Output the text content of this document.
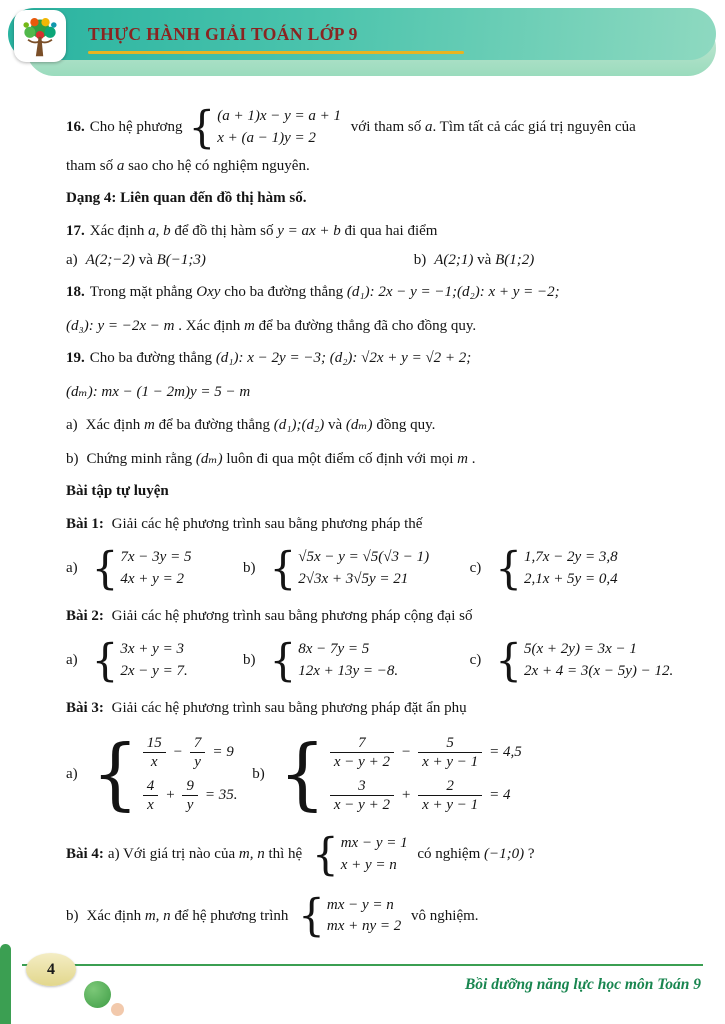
THỰC HÀNH GIẢI TOÁN LỚP 9
16. Cho hệ phương
{ (a + 1)x − y = a + 1
x + (a − 1)y = 2
với tham số a. Tìm tất cả các giá trị nguyên của
tham số a sao cho hệ có nghiệm nguyên.
Dạng 4: Liên quan đến đồ thị hàm số.
17. Xác định a, b để đồ thị hàm số y = ax + b đi qua hai điểm
a) A(2;−2) và B(−1;3)	b) A(2;1) và B(1;2)
18. Trong mặt phẳng Oxy cho ba đường thẳng (d₁): 2x − y = −1;(d₂): x + y = −2;
(d₃): y = −2x − m . Xác định m để ba đường thẳng đã cho đồng quy.
19. Cho ba đường thẳng (d₁): x − 2y = −3; (d₂): √2x + y = √2 + 2;
(dₘ): mx − (1 − 2m)y = 5 − m
a) Xác định m để ba đường thẳng (d₁);(d₂) và (dₘ) đồng quy.
b) Chứng minh rằng (dₘ) luôn đi qua một điểm cố định với mọi m .
Bài tập tự luyện
Bài 1: Giải các hệ phương trình sau bằng phương pháp thế
a)
{ 7x − 3y = 5
4x + y = 2
b)
{ √5x − y = √5(√3 − 1)
2√3x + 3√5y = 21
c)
{ 1,7x − 2y = 3,8
2,1x + 5y = 0,4
Bài 2: Giải các hệ phương trình sau bằng phương pháp cộng đại số
a)
{ 3x + y = 3
2x − y = 7.
b)
{ 8x − 7y = 5
12x + 13y = −8.
c)
{ 5(x + 2y) = 3x − 1
2x + 4 = 3(x − 5y) − 12.
Bài 3: Giải các hệ phương trình sau bằng phương pháp đặt ẩn phụ
a)
{ $\frac{15}{x} - \frac{7}{y} = 9$
$\frac{4}{x} + \frac{9}{y} = 35$.
b)
{ $\frac{7}{x - y + 2} - \frac{5}{x + y - 1} = 4,5$
$\frac{3}{x - y + 2} + \frac{2}{x + y - 1} = 4$
Bài 4: a) Với giá trị nào của m, n thì hệ
{ mx − y = 1
x + y = n
có nghiệm (−1;0) ?
b) Xác định m, n để hệ phương trình
{ mx − y = n
mx + ny = 2
vô nghiệm.
4
Bồi dưỡng năng lực học môn Toán 9
